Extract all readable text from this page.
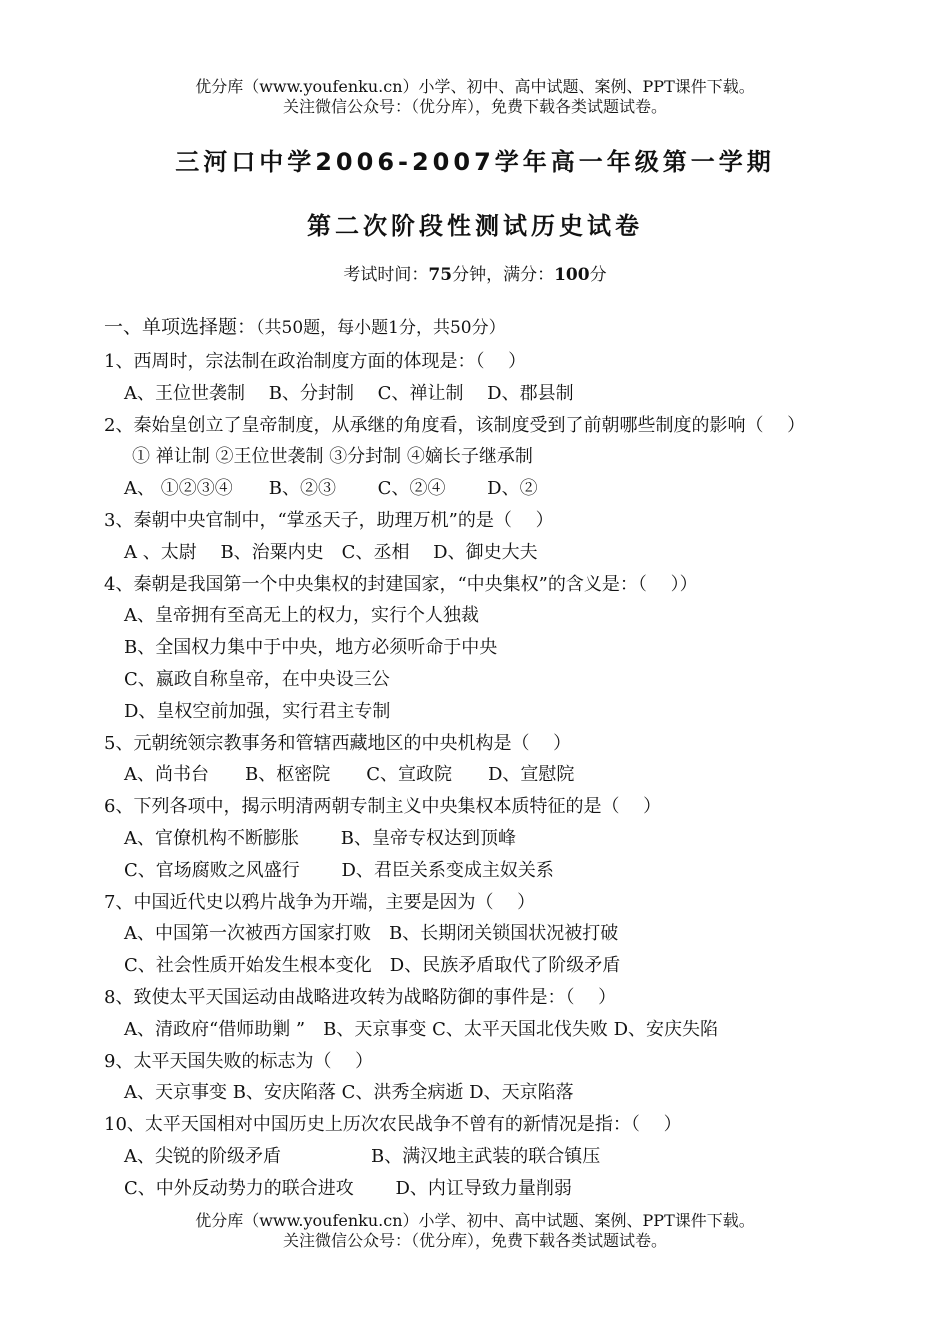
优分库（www.youfenku.cn）小学、初中、高中试题、案例、PPT课件下载。
关注微信公众号：（优分库），免费下载各类试题试卷。
三河口中学2006-2007学年高一年级第一学期
第二次阶段性测试历史试卷
考试时间：75分钟，满分：100分
一、单项选择题：（共50题，每小题1分，共50分）
1、西周时，宗法制在政治制度方面的体现是：（　 ）
A、王位世袭制　 B、分封制　 C、禅让制　 D、郡县制
2、秦始皇创立了皇帝制度，从承继的角度看，该制度受到了前朝哪些制度的影响（　 ）
① 禅让制 ②王位世袭制 ③分封制 ④嫡长子继承制
A、 ①②③④　　B、②③　　 C、②④　　 D、②
3、秦朝中央官制中，“掌丞天子，助理万机”的是（　 ）
A 、太尉　 B、治粟内史　C、丞相　 D、御史大夫
4、秦朝是我国第一个中央集权的封建国家，“中央集权”的含义是：（　 ））
A、皇帝拥有至高无上的权力，实行个人独裁
B、全国权力集中于中央，地方必须听命于中央
C、嬴政自称皇帝，在中央设三公
D、皇权空前加强，实行君主专制
5、元朝统领宗教事务和管辖西藏地区的中央机构是（　 ）
A、尚书台　　B、枢密院　　C、宣政院　　D、宣慰院
6、下列各项中，揭示明清两朝专制主义中央集权本质特征的是（　 ）
A、官僚机构不断膨胀　　 B、皇帝专权达到顶峰
C、官场腐败之风盛行　　 D、君臣关系变成主奴关系
7、中国近代史以鸦片战争为开端，主要是因为（　 ）
A、中国第一次被西方国家打败　B、长期闭关锁国状况被打破
C、社会性质开始发生根本变化　D、民族矛盾取代了阶级矛盾
8、致使太平天国运动由战略进攻转为战略防御的事件是：（　 ）
A、清政府“借师助剿 ”　B、天京事变 C、太平天国北伐失败 D、安庆失陷
9、太平天国失败的标志为（　 ）
A、天京事变 B、安庆陷落 C、洪秀全病逝 D、天京陷落
10、太平天国相对中国历史上历次农民战争不曾有的新情况是指：（　 ）
A、尖锐的阶级矛盾　　　　　B、满汉地主武装的联合镇压
C、中外反动势力的联合进攻　　 D、内讧导致力量削弱
优分库（www.youfenku.cn）小学、初中、高中试题、案例、PPT课件下载。
关注微信公众号：（优分库），免费下载各类试题试卷。
